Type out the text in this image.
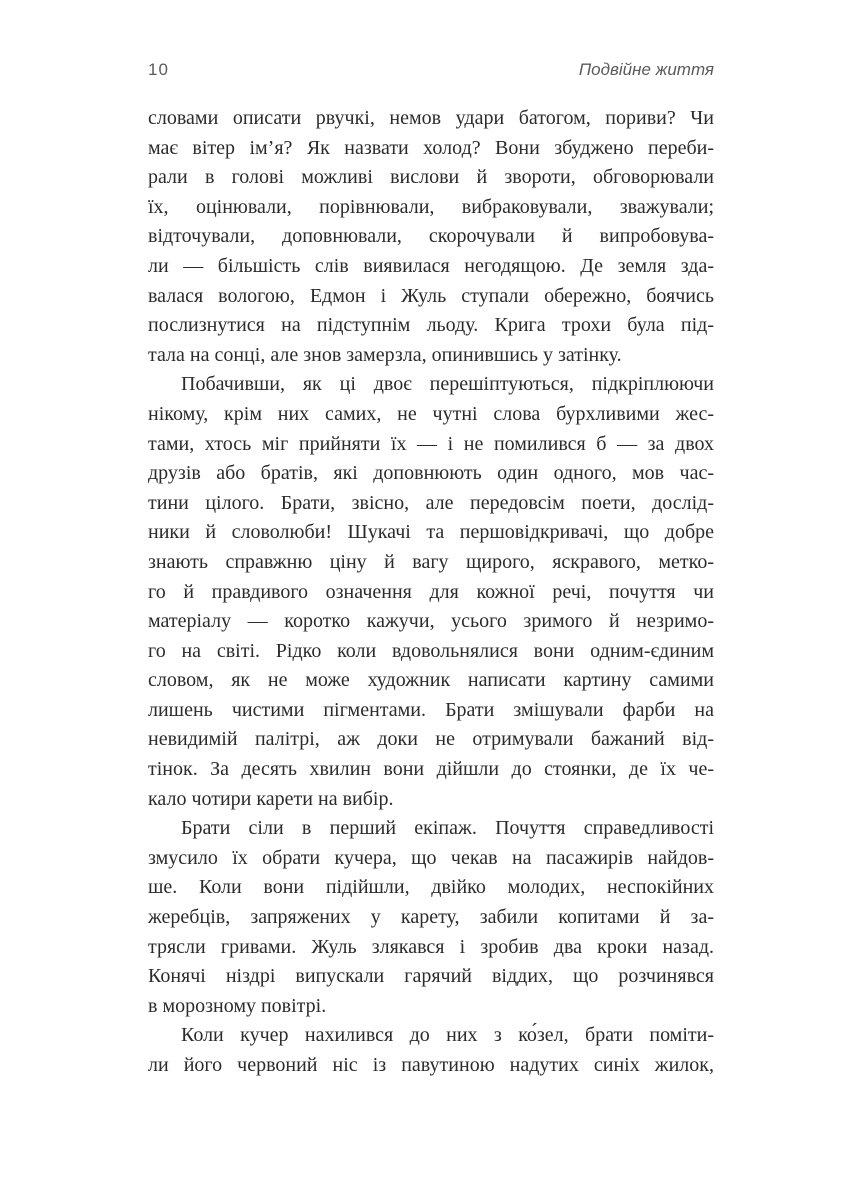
10	Подвійне життя
словами описати рвучкі, немов удари батогом, пориви? Чи
має вітер ім’я? Як назвати холод? Вони збуджено переби-
рали в голові можливі вислови й звороти, обговорювали
їх, оцінювали, порівнювали, вибраковували, зважували;
відточували, доповнювали, скорочували й випробовува-
ли — більшість слів виявилася негодящою. Де земля зда-
валася вологою, Едмон і Жуль ступали обережно, боячись
послизнутися на підступнім льоду. Крига трохи була під-
тала на сонці, але знов замерзла, опинившись у затінку.
Побачивши, як ці двоє перешіптуються, підкріплюючи
нікому, крім них самих, не чутні слова бурхливими жес-
тами, хтось міг прийняти їх — і не помилився б — за двох
друзів або братів, які доповнюють один одного, мов час-
тини цілого. Брати, звісно, але передовсім поети, дослід-
ники й словолюби! Шукачі та першовідкривачі, що добре
знають справжню ціну й вагу щирого, яскравого, метко-
го й правдивого означення для кожної речі, почуття чи
матеріалу — коротко кажучи, усього зримого й незримо-
го на світі. Рідко коли вдовольнялися вони одним-єдиним
словом, як не може художник написати картину самими
лишень чистими пігментами. Брати змішували фарби на
невидимій палітрі, аж доки не отримували бажаний від-
тінок. За десять хвилин вони дійшли до стоянки, де їх че-
кало чотири карети на вибір.
Брати сіли в перший екіпаж. Почуття справедливості
змусило їх обрати кучера, що чекав на пасажирів найдов-
ше. Коли вони підійшли, двійко молодих, неспокійних
жеребців, запряжених у карету, забили копитами й за-
трясли гривами. Жуль злякався і зробив два кроки назад.
Конячі ніздрі випускали гарячий віддих, що розчинявся
в морозному повітрі.
Коли кучер нахилився до них з ко́зел, брати поміти-
ли його червоний ніс із павутиною надутих синіх жилок,
